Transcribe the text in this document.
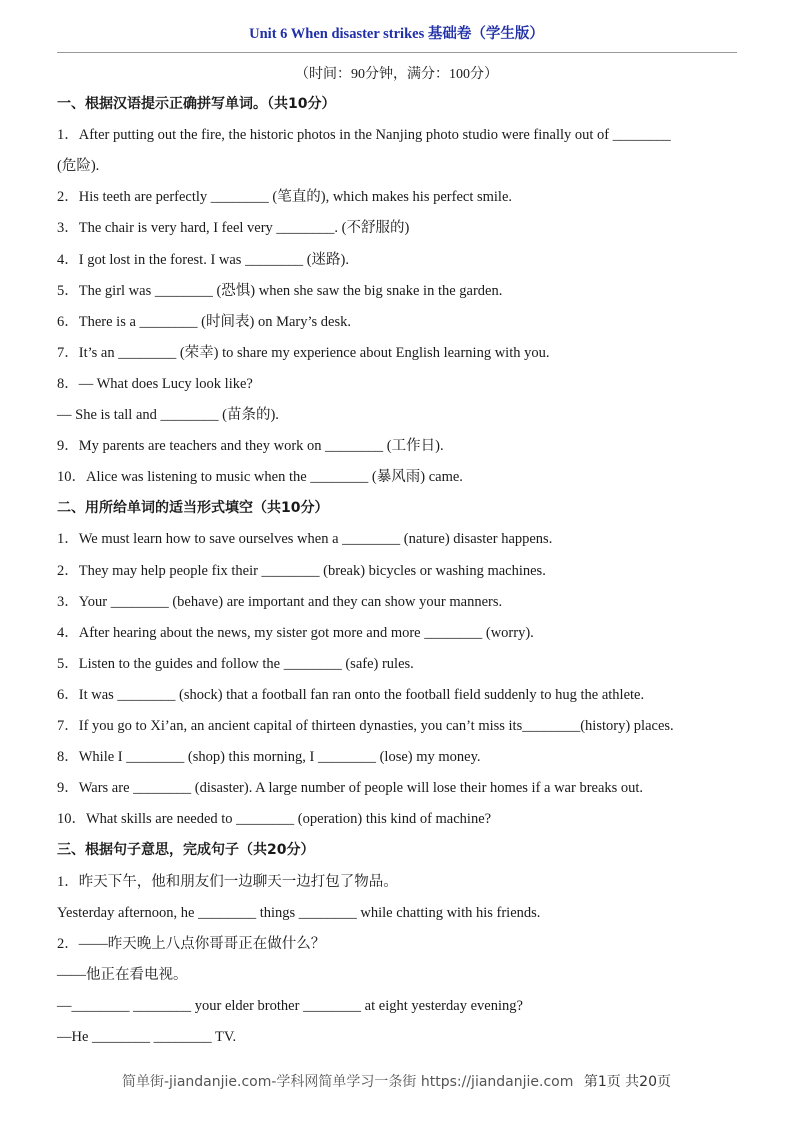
Unit 6 When disaster strikes 基础卷（学生版）
（时间：90分钟，满分：100分）
一、根据汉语提示正确拼写单词。（共10分）
1．After putting out the fire, the historic photos in the Nanjing photo studio were finally out of ________
(危险).
2．His teeth are perfectly ________ (笔直的), which makes his perfect smile.
3．The chair is very hard, I feel very ________. (不舒服的)
4．I got lost in the forest. I was ________ (迷路).
5．The girl was ________ (恐惧) when she saw the big snake in the garden.
6．There is a ________ (时间表) on Mary’s desk.
7．It’s an ________ (荣幸) to share my experience about English learning with you.
8．— What does Lucy look like?
— She is tall and ________ (苗条的).
9．My parents are teachers and they work on ________ (工作日).
10．Alice was listening to music when the ________ (暴风雨) came.
二、用所给单词的适当形式填空（共10分）
1．We must learn how to save ourselves when a ________ (nature) disaster happens.
2．They may help people fix their ________ (break) bicycles or washing machines.
3．Your ________ (behave) are important and they can show your manners.
4．After hearing about the news, my sister got more and more ________ (worry).
5．Listen to the guides and follow the ________ (safe) rules.
6．It was ________ (shock) that a football fan ran onto the football field suddenly to hug the athlete.
7．If you go to Xi’an, an ancient capital of thirteen dynasties, you can’t miss its________(history) places.
8．While I ________ (shop) this morning, I ________ (lose) my money.
9．Wars are ________ (disaster). A large number of people will lose their homes if a war breaks out.
10．What skills are needed to ________ (operation) this kind of machine?
三、根据句子意思，完成句子（共20分）
1．昨天下午，他和朋友们一边聊天一边打包了物品。
Yesterday afternoon, he ________ things ________ while chatting with his friends.
2．——昨天晚上八点你哥哥正在做什么？
——他正在看电视。
—________ ________ your elder brother ________ at eight yesterday evening?
—He ________ ________ TV.
简单街-jiandanjie.com-学科网简单学习一条街 https://jiandanjie.com 第1页 共20页
